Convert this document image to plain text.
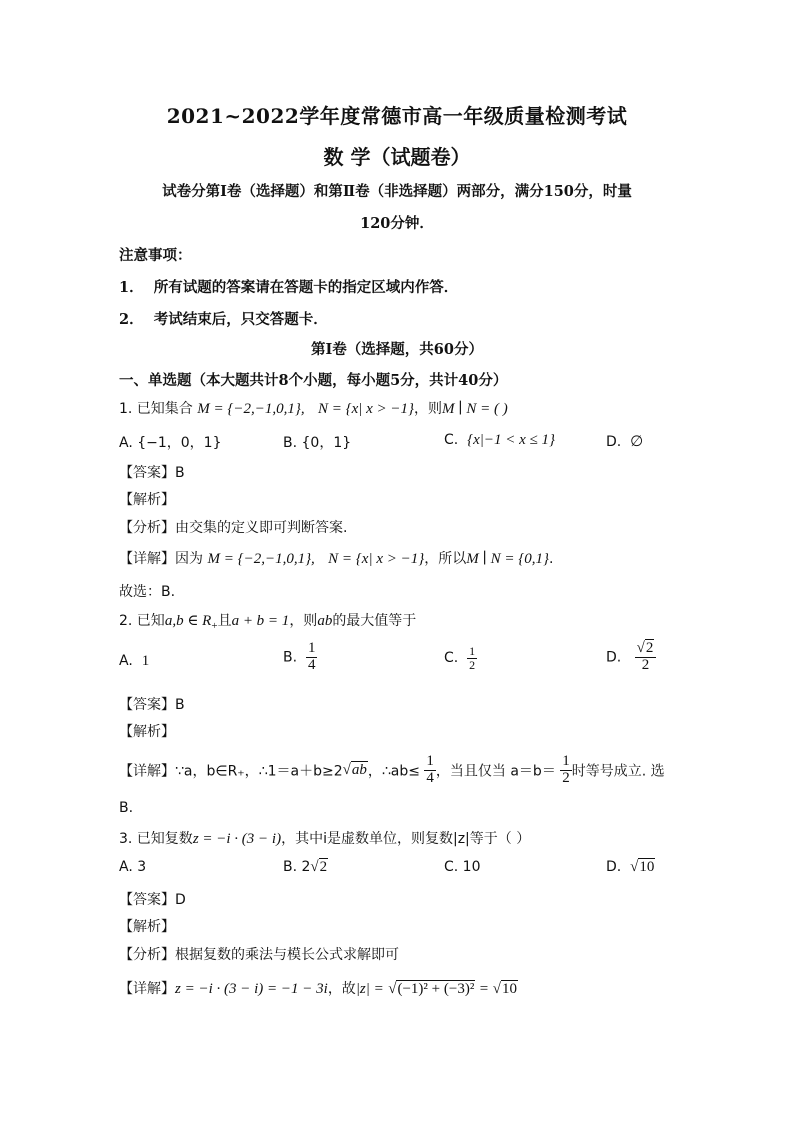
2021~2022学年度常德市高一年级质量检测考试
数 学（试题卷）
试卷分第Ⅰ卷（选择题）和第Ⅱ卷（非选择题）两部分，满分150分，时量
120分钟．
注意事项：
1． 所有试题的答案请在答题卡的指定区域内作答．
2． 考试结束后，只交答题卡．
第Ⅰ卷（选择题，共60分）
一、单选题（本大题共计8个小题，每小题5分，共计40分）
1. 已知集合 M = {−2,−1,0,1}, N = {x| x > −1}，则M ∣ N = ( )
A. {−1，0，1}	B. {0，1}	C. {x|−1 < x ≤ 1}	D. ∅
【答案】B
【解析】
【分析】由交集的定义即可判断答案.
【详解】因为 M = {−2,−1,0,1}, N = {x| x > −1}，所以M ∣ N = {0,1}.
故选：B.
2. 已知a,b ∈ $R_+$且a + b = 1，则ab的最大值等于
A. 1	B. $\frac{1}{4}$	C. $\frac{1}{2}$	D. $\frac{√2}{2}$
【答案】B
【解析】
【详解】∵a，b∈R₊，∴1＝a＋b≥2√ab，∴ab≤ $\frac{1}{4}$ ，当且仅当 $a=b= \frac{1}{2}$ 时等号成立. 选
B.
3. 已知复数z = −i · (3 − i)，其中i是虚数单位，则复数|z|等于（ ）
A. 3	B. 2√2	C. 10	D. √10
【答案】D
【解析】
【分析】根据复数的乘法与模长公式求解即可
【详解】z = −i · (3 − i) = −1 − 3i，故|z| = √(−1)² + (−3)² = √10
